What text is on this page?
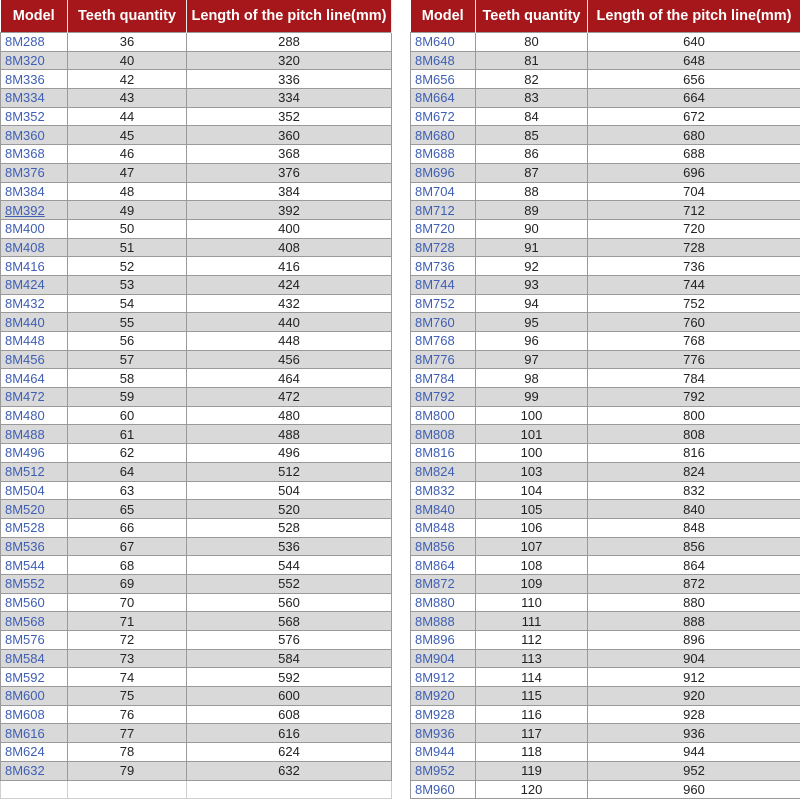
Model	Teeth quantity	Length of the pitch line(mm)
8M288	36	288
8M320	40	320
8M336	42	336
8M334	43	334
8M352	44	352
8M360	45	360
8M368	46	368
8M376	47	376
8M384	48	384
8M392	49	392
8M400	50	400
8M408	51	408
8M416	52	416
8M424	53	424
8M432	54	432
8M440	55	440
8M448	56	448
8M456	57	456
8M464	58	464
8M472	59	472
8M480	60	480
8M488	61	488
8M496	62	496
8M512	64	512
8M504	63	504
8M520	65	520
8M528	66	528
8M536	67	536
8M544	68	544
8M552	69	552
8M560	70	560
8M568	71	568
8M576	72	576
8M584	73	584
8M592	74	592
8M600	75	600
8M608	76	608
8M616	77	616
8M624	78	624
8M632	79	632

Model	Teeth quantity	Length of the pitch line(mm)
8M640	80	640
8M648	81	648
8M656	82	656
8M664	83	664
8M672	84	672
8M680	85	680
8M688	86	688
8M696	87	696
8M704	88	704
8M712	89	712
8M720	90	720
8M728	91	728
8M736	92	736
8M744	93	744
8M752	94	752
8M760	95	760
8M768	96	768
8M776	97	776
8M784	98	784
8M792	99	792
8M800	100	800
8M808	101	808
8M816	100	816
8M824	103	824
8M832	104	832
8M840	105	840
8M848	106	848
8M856	107	856
8M864	108	864
8M872	109	872
8M880	110	880
8M888	111	888
8M896	112	896
8M904	113	904
8M912	114	912
8M920	115	920
8M928	116	928
8M936	117	936
8M944	118	944
8M952	119	952
8M960	120	960
